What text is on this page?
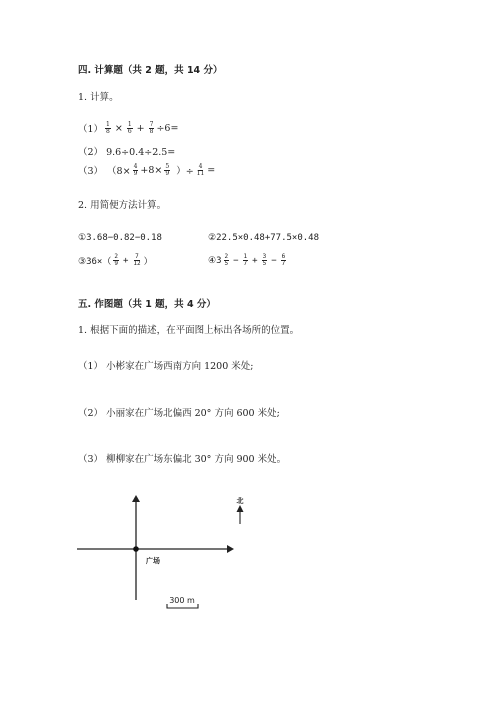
四. 计算题（共 2 题，共 14 分）
1. 计算。
$(1) \frac{1}{8} \times \frac{1}{6} + \frac{7}{8} \div 6=$
（2） 9.6÷0.4÷2.5=
（3） （$8\times \frac{4}{9} +8\times \frac{5}{9}$ ）÷ $\frac{4}{11}$ =
2. 用简便方法计算。
①3.68−0.82−0.18	②22.5×0.48+77.5×0.48
③36×（ $\frac{2}{9} + \frac{7}{12}$ ）	④3 $\frac{2}{5} - \frac{1}{7} + \frac{3}{5} - \frac{6}{7}$
五. 作图题（共 1 题，共 4 分）
1. 根据下面的描述，在平面图上标出各场所的位置。
（1） 小彬家在广场西南方向 1200 米处;
（2） 小丽家在广场北偏西 20° 方向 600 米处;
（3） 柳柳家在广场东偏北 30° 方向 900 米处。
北
广场
300 m
